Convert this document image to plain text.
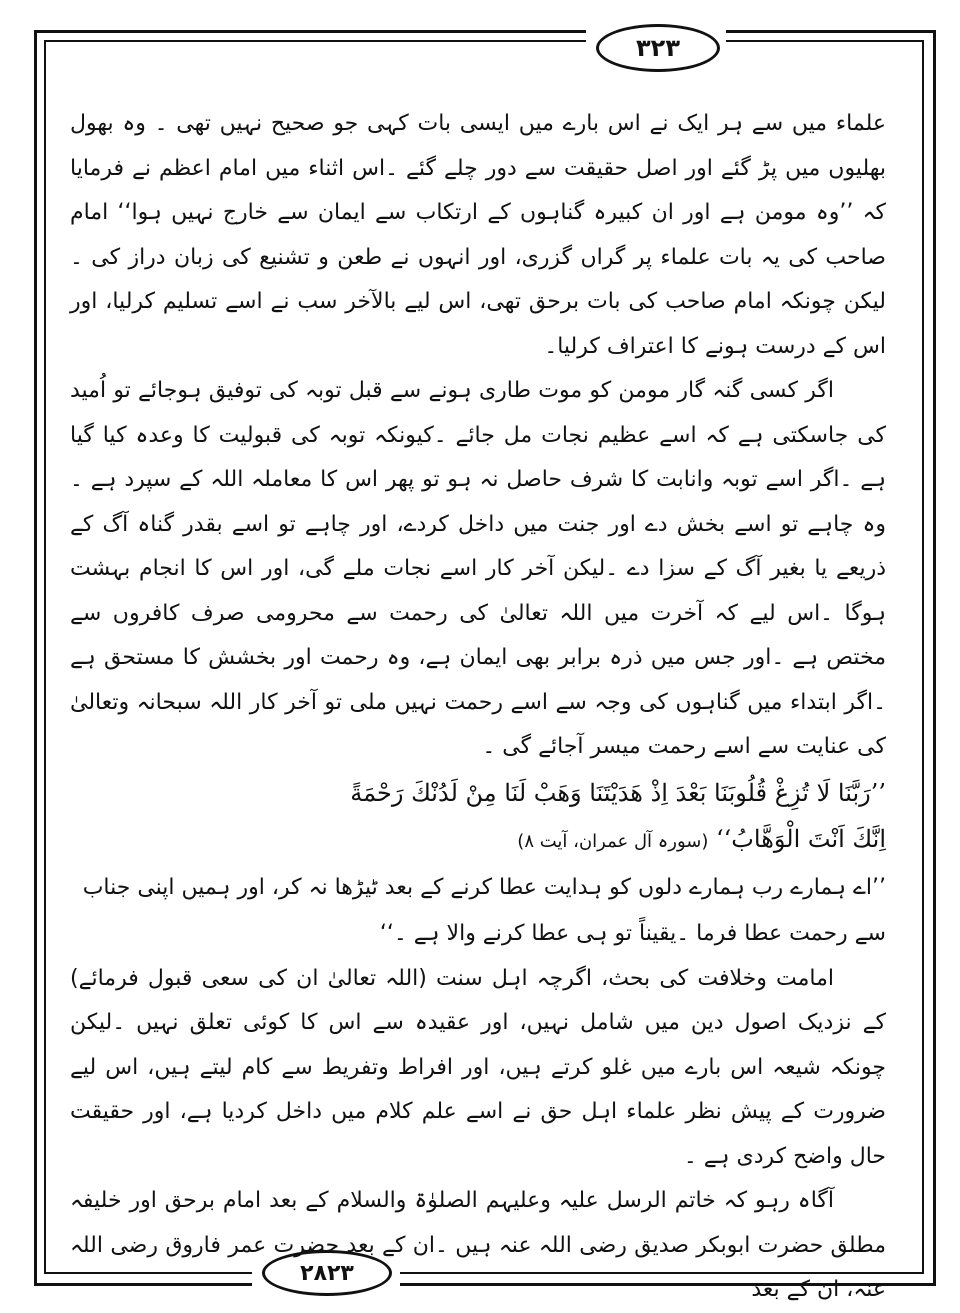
۳۲۳
۲۸۲۳

علماء میں سے ہر ایک نے اس بارے میں ایسی بات کہی جو صحیح نہیں تھی ۔ وہ بھول بھلیوں میں پڑ گئے اور اصل حقیقت سے دور چلے گئے ۔اس اثناء میں امام اعظم نے فرمایا کہ ’’وہ مومن ہے اور ان کبیرہ گناہوں کے ارتکاب سے ایمان سے خارج نہیں ہوا‘‘ امام صاحب کی یہ بات علماء پر گراں گزری، اور انہوں نے طعن و تشنیع کی زبان دراز کی ۔لیکن چونکہ امام صاحب کی بات برحق تھی، اس لیے بالآخر سب نے اسے تسلیم کرلیا، اور اس کے درست ہونے کا اعتراف کرلیا۔

اگر کسی گنہ گار مومن کو موت طاری ہونے سے قبل توبہ کی توفیق ہوجائے تو اُمید کی جاسکتی ہے کہ اسے عظیم نجات مل جائے ۔کیونکہ توبہ کی قبولیت کا وعدہ کیا گیا ہے ۔اگر اسے توبہ وانابت کا شرف حاصل نہ ہو تو پھر اس کا معاملہ اللہ کے سپرد ہے ۔وہ چاہے تو اسے بخش دے اور جنت میں داخل کردے، اور چاہے تو اسے بقدر گناہ آگ کے ذریعے یا بغیر آگ کے سزا دے ۔لیکن آخر کار اسے نجات ملے گی، اور اس کا انجام بہشت ہوگا ۔اس لیے کہ آخرت میں اللہ تعالیٰ کی رحمت سے محرومی صرف کافروں سے مختص ہے ۔اور جس میں ذرہ برابر بھی ایمان ہے، وہ رحمت اور بخشش کا مستحق ہے ۔اگر ابتداء میں گناہوں کی وجہ سے اسے رحمت نہیں ملی تو آخر کار اللہ سبحانہ وتعالیٰ کی عنایت سے اسے رحمت میسر آجائے گی ۔

’’رَبَّنَا لَا تُزِغْ قُلُوبَنَا بَعْدَ اِذْ هَدَيْتَنَا وَهَبْ لَنَا مِنْ لَدُنْكَ رَحْمَةً

اِنَّكَ اَنْتَ الْوَهَّابُ‘‘ (سورہ آل عمران، آیت ۸)

’’اے ہمارے رب ہمارے دلوں کو ہدایت عطا کرنے کے بعد ٹیڑھا نہ کر، اور ہمیں اپنی جناب سے رحمت عطا فرما ۔یقیناً تو ہی عطا کرنے والا ہے ۔‘‘

امامت وخلافت کی بحث، اگرچہ اہل سنت (اللہ تعالیٰ ان کی سعی قبول فرمائے) کے نزدیک اصول دین میں شامل نہیں، اور عقیدہ سے اس کا کوئی تعلق نہیں ۔لیکن چونکہ شیعہ اس بارے میں غلو کرتے ہیں، اور افراط وتفریط سے کام لیتے ہیں، اس لیے ضرورت کے پیش نظر علماء اہل حق نے اسے علم کلام میں داخل کردیا ہے، اور حقیقت حال واضح کردی ہے ۔

آگاہ رہو کہ خاتم الرسل علیہ وعلیہم الصلوٰۃ والسلام کے بعد امام برحق اور خلیفہ مطلق حضرت ابوبکر صدیق رضی اللہ عنہ ہیں ۔ان کے بعد حضرت عمر فاروق رضی اللہ عنہ، ان کے بعد
